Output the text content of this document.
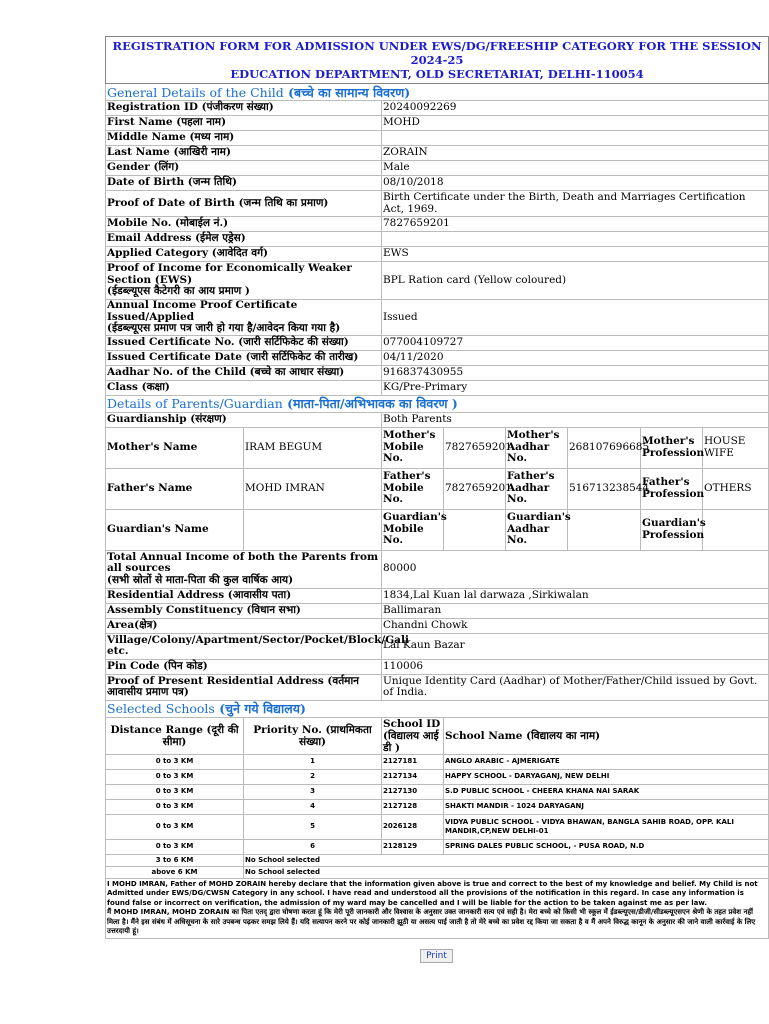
REGISTRATION FORM FOR ADMISSION UNDER EWS/DG/FREESHIP CATEGORY FOR THE SESSION 2024-25
EDUCATION DEPARTMENT, OLD SECRETARIAT, DELHI-110054							

General Details of the Child (बच्चे का सामान्य विवरण)							
Registration ID (पंजीकरण संख्या)		20240092269					
First Name (पहला नाम)		MOHD					
Middle Name (मध्य नाम)							
Last Name (आखिरी नाम)		ZORAIN					
Gender (लिंग)		Male					
Date of Birth (जन्म तिथि)		08/10/2018					
Proof of Date of Birth (जन्म तिथि का प्रमाण)		Birth Certificate under the Birth, Death and Marriages Certification Act, 1969.					
Mobile No. (मोबाईल नं.)		7827659201					
Email Address (ईमेल एड्रेस)							
Applied Category (आवेदित वर्ग)		EWS					
Proof of Income for Economically Weaker Section (EWS)
(ईडब्ल्यूएस कैटेगरी का आय प्रमाण )		BPL Ration card (Yellow coloured)					
Annual Income Proof Certificate Issued/Applied
(ईडब्ल्यूएस प्रमाण पत्र जारी हो गया है/आवेदन किया गया है)		Issued					
Issued Certificate No. (जारी सर्टिफिकेट की संख्या)		077004109727					
Issued Certificate Date (जारी सर्टिफिकेट की तारीख)		04/11/2020					
Aadhar No. of the Child (बच्चे का आधार संख्या)		916837430955					
Class (कक्षा)		KG/Pre-Primary					
Details of Parents/Guardian (माता-पिता/अभिभावक का विवरण )							
Guardianship (संरक्षण)		Both Parents					
Mother's Name	IRAM BEGUM	Mother's Mobile No.	7827659201	Mother's Aadhar No.	268107696685	Mother's Profession	HOUSE WIFE
Father's Name	MOHD IMRAN	Father's Mobile No.	7827659201	Father's Aadhar No.	516713238544	Father's Profession	OTHERS
Guardian's Name		Guardian's Mobile No.		Guardian's Aadhar No.		Guardian's Profession	
Total Annual Income of both the Parents from all sources
(सभी स्रोतों से माता-पिता की कुल वार्षिक आय)		80000					
Residential Address (आवासीय पता)		1834,Lal Kuan lal darwaza ,Sirkiwalan					
Assembly Constituency (विधान सभा)		Ballimaran					
Area(क्षेत्र)		Chandni Chowk					
Village/Colony/Apartment/Sector/Pocket/Block/Gali etc.		Lal Kaun Bazar					
Pin Code (पिन कोड)		110006					
Proof of Present Residential Address (वर्तमान आवासीय प्रमाण पत्र)		Unique Identity Card (Aadhar) of Mother/Father/Child issued by Govt. of India.					
Selected Schools (चुने गये विद्यालय)							
Distance Range (दूरी की सीमा)	Priority No. (प्राथमिकता संख्या)	School ID (विद्यालय आई डी )	School Name (विद्यालय का नाम)				
0 to 3 KM	1	2127181	ANGLO ARABIC - AJMERIGATE				
0 to 3 KM	2	2127134	HAPPY SCHOOL - DARYAGANJ, NEW DELHI				
0 to 3 KM	3	2127130	S.D PUBLIC SCHOOL - CHEERA KHANA NAI SARAK				
0 to 3 KM	4	2127128	SHAKTI MANDIR - 1024 DARYAGANJ				
0 to 3 KM	5	2026128	VIDYA PUBLIC SCHOOL - VIDYA BHAWAN, BANGLA SAHIB ROAD, OPP. KALI MANDIR,CP,NEW DELHI-01				
0 to 3 KM	6	2128129	SPRING DALES PUBLIC SCHOOL, - PUSA ROAD, N.D				
3 to 6 KM	No School selected						
above 6 KM	No School selected						

I MOHD IMRAN, Father of MOHD ZORAIN hereby declare that the information given above is true and correct to the best of my knowledge and belief. My Child is not Admitted under EWS/DG/CWSN Category in any school. I have read and understood all the provisions of the notification in this regard. In case any information is found false or incorrect on verification, the admission of my ward may be cancelled and I will be liable for the action to be taken against me as per law.
मैं MOHD IMRAN, MOHD ZORAIN का पिता एतद् द्वारा घोषणा करता हूं कि मेरी पूरी जानकारी और विश्वास के अनुसार उक्त जानकारी सत्य एवं सही है। मेरा बच्चे को किसी भी स्कूल में ईडब्ल्यूएस/डीजी/सीडब्ल्यूएसएन श्रेणी के तहत प्रवेश नहीं मिला है। मैंने इस संबंध में अधिसूचना के सारे उपबन्ध पढ़कर समझ लिये हैं। यदि सत्यापन करने पर कोई जानकारी झूठी या असत्य पाई जाती है तो मेरे बच्चे का प्रवेश रद्द किया जा सकता है व मैं अपने विरुद्ध कानून के अनुसार की जाने वाली कार्रवाई के लिए उत्तरदायी हूं।							
Print
